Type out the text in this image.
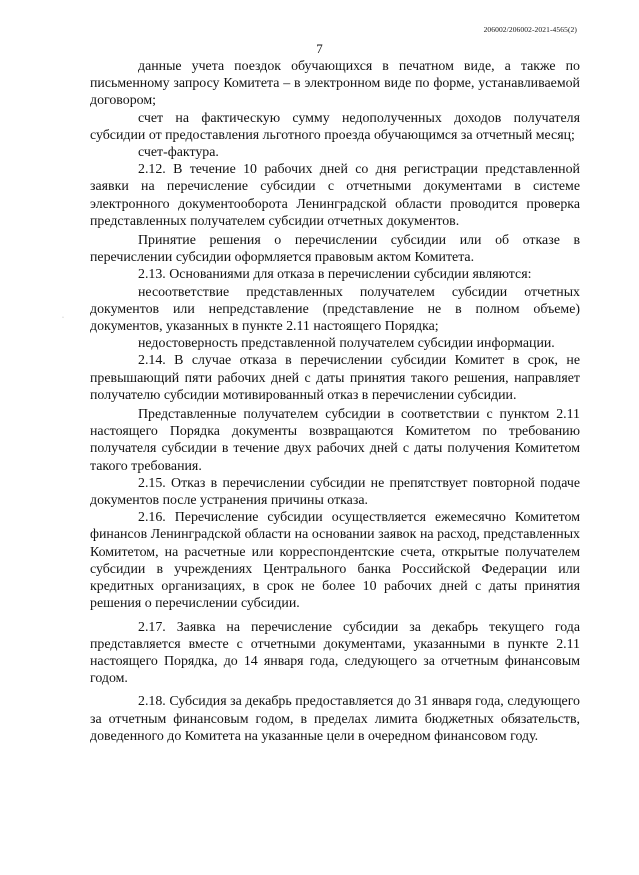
206002/206002-2021-4565(2)
7
·

данные учета поездок обучающихся в печатном виде, а также по письменному запросу Комитета – в электронном виде по форме, устанавливаемой договором;

счет на фактическую сумму недополученных доходов получателя субсидии от предоставления льготного проезда обучающимся за отчетный месяц;

счет-фактура.

2.12. В течение 10 рабочих дней со дня регистрации представленной заявки на перечисление субсидии с отчетными документами в системе электронного документооборота Ленинградской области проводится проверка представленных получателем субсидии отчетных документов.

Принятие решения о перечислении субсидии или об отказе в перечислении субсидии оформляется правовым актом Комитета.

2.13. Основаниями для отказа в перечислении субсидии являются:

несоответствие представленных получателем субсидии отчетных документов или непредставление (представление не в полном объеме) документов, указанных в пункте 2.11 настоящего Порядка;

недостоверность представленной получателем субсидии информации.

2.14. В случае отказа в перечислении субсидии Комитет в срок, не превышающий пяти рабочих дней с даты принятия такого решения, направляет получателю субсидии мотивированный отказ в перечислении субсидии.

Представленные получателем субсидии в соответствии с пунктом 2.11 настоящего Порядка документы возвращаются Комитетом по требованию получателя субсидии в течение двух рабочих дней с даты получения Комитетом такого требования.

2.15. Отказ в перечислении субсидии не препятствует повторной подаче документов после устранения причины отказа.

2.16. Перечисление субсидии осуществляется ежемесячно Комитетом финансов Ленинградской области на основании заявок на расход, представленных Комитетом, на расчетные или корреспондентские счета, открытые получателем субсидии в учреждениях Центрального банка Российской Федерации или кредитных организациях, в срок не более 10 рабочих дней с даты принятия решения о перечислении субсидии.

2.17. Заявка на перечисление субсидии за декабрь текущего года представляется вместе с отчетными документами, указанными в пункте 2.11 настоящего Порядка, до 14 января года, следующего за отчетным финансовым годом.

2.18. Субсидия за декабрь предоставляется до 31 января года, следующего за отчетным финансовым годом, в пределах лимита бюджетных обязательств, доведенного до Комитета на указанные цели в очередном финансовом году.
